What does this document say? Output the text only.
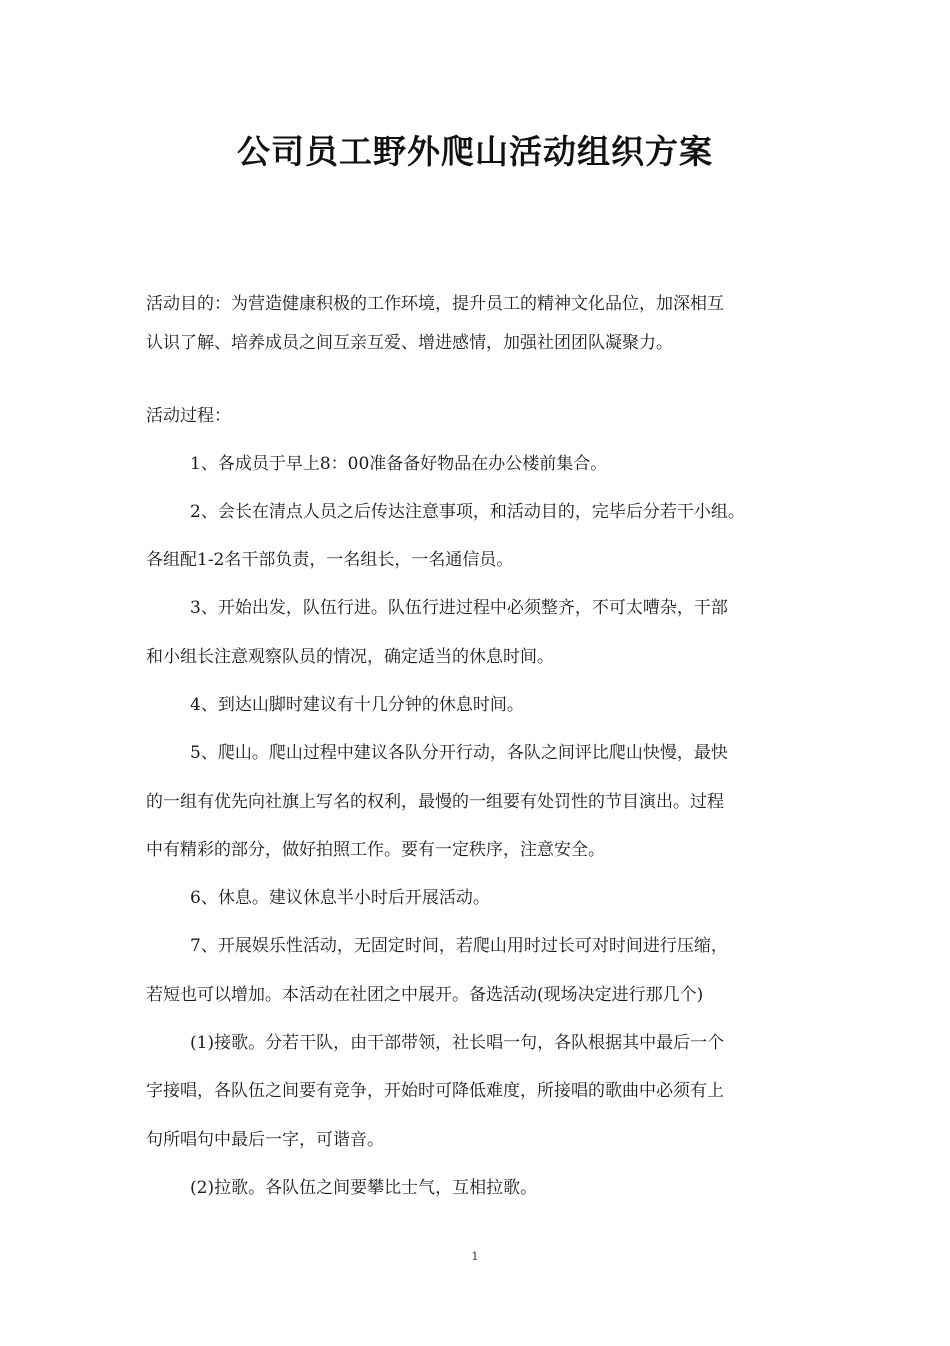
公司员工野外爬山活动组织方案

活动目的：为营造健康积极的工作环境，提升员工的精神文化品位，加深相互

认识了解、培养成员之间互亲互爱、增进感情，加强社团团队凝聚力。

活动过程：

1、各成员于早上8：00准备备好物品在办公楼前集合。

2、会长在清点人员之后传达注意事项，和活动目的，完毕后分若干小组。

各组配1-2名干部负责，一名组长，一名通信员。

3、开始出发，队伍行进。队伍行进过程中必须整齐，不可太嘈杂，干部

和小组长注意观察队员的情况，确定适当的休息时间。

4、到达山脚时建议有十几分钟的休息时间。

5、爬山。爬山过程中建议各队分开行动，各队之间评比爬山快慢，最快

的一组有优先向社旗上写名的权利，最慢的一组要有处罚性的节目演出。过程

中有精彩的部分，做好拍照工作。要有一定秩序，注意安全。

6、休息。建议休息半小时后开展活动。

7、开展娱乐性活动，无固定时间，若爬山用时过长可对时间进行压缩，

若短也可以增加。本活动在社团之中展开。备选活动(现场决定进行那几个)

(1)接歌。分若干队，由干部带领，社长唱一句，各队根据其中最后一个

字接唱，各队伍之间要有竞争，开始时可降低难度，所接唱的歌曲中必须有上

句所唱句中最后一字，可谐音。

(2)拉歌。各队伍之间要攀比士气，互相拉歌。

1
